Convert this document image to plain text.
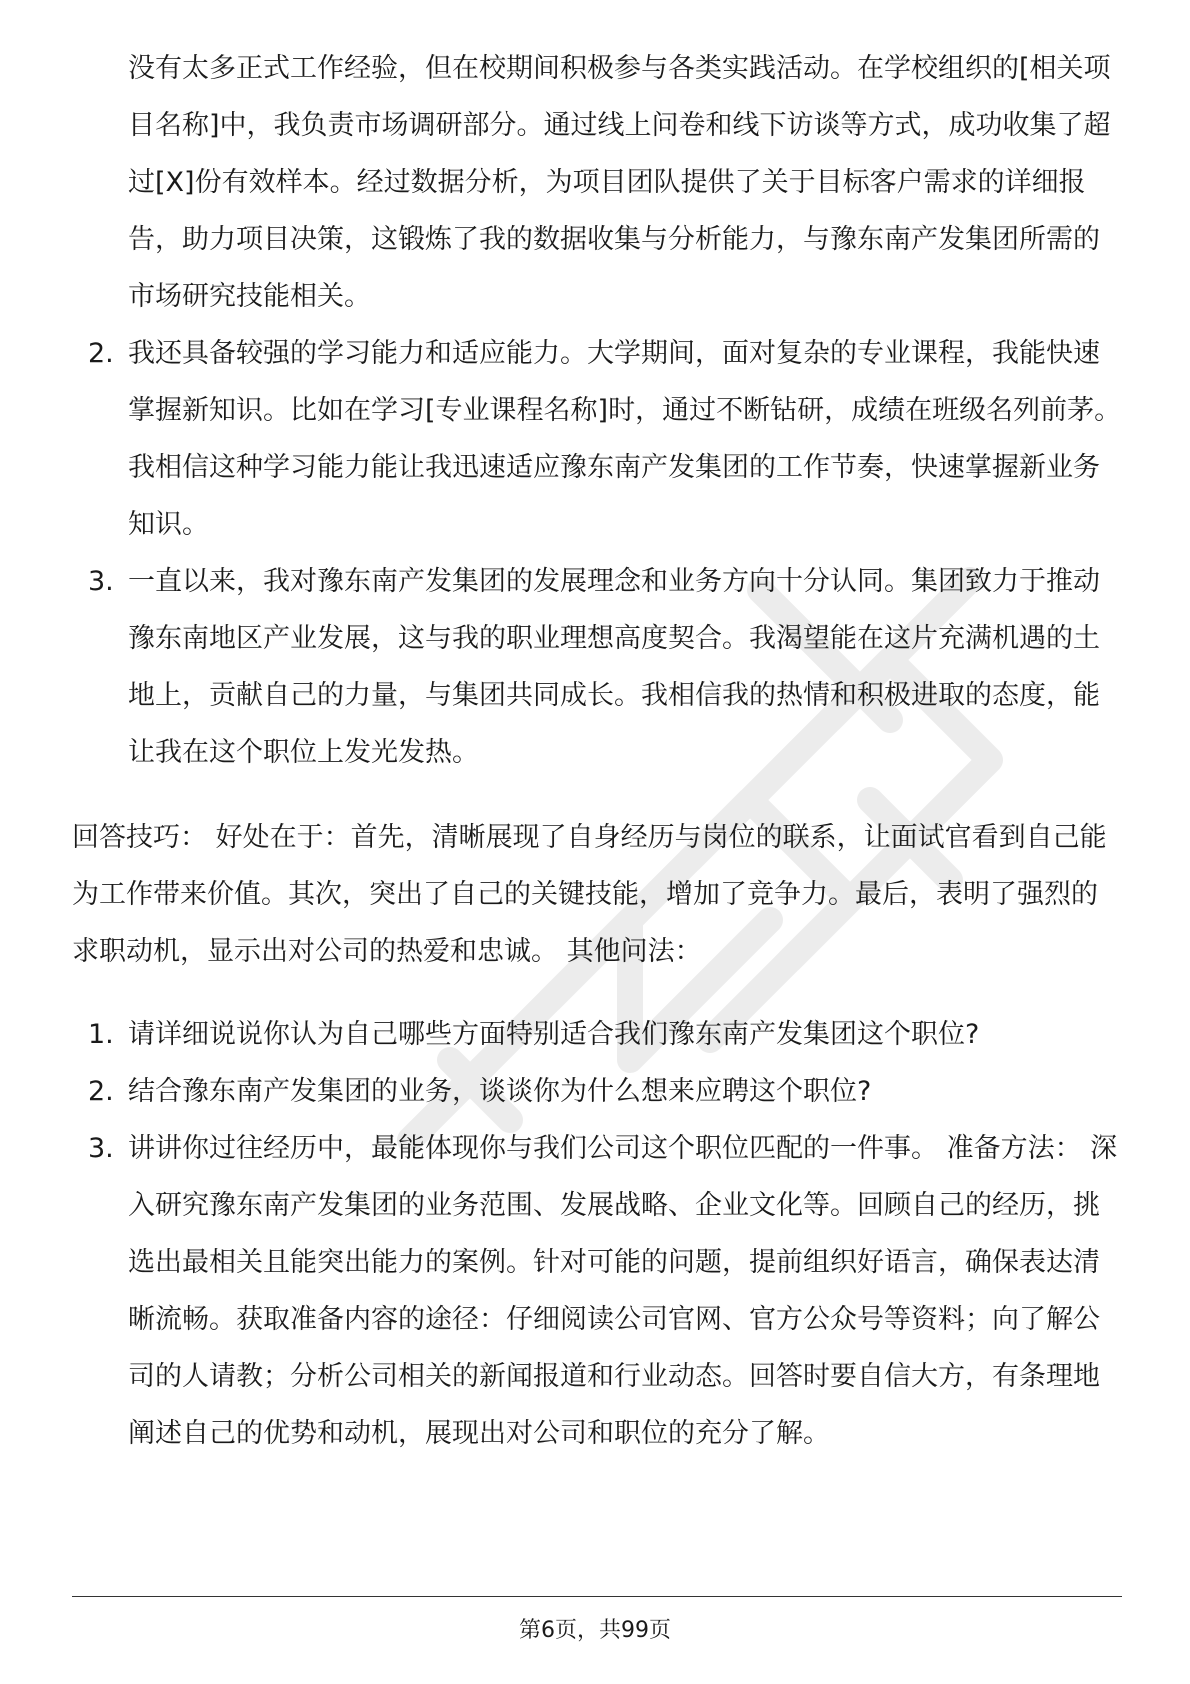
没有太多正式工作经验，但在校期间积极参与各类实践活动。在学校组织的[相关项目名称]中，我负责市场调研部分。通过线上问卷和线下访谈等方式，成功收集了超过[X]份有效样本。经过数据分析，为项目团队提供了关于目标客户需求的详细报告，助力项目决策，这锻炼了我的数据收集与分析能力，与豫东南产发集团所需的市场研究技能相关。

2. 我还具备较强的学习能力和适应能力。大学期间，面对复杂的专业课程，我能快速掌握新知识。比如在学习[专业课程名称]时，通过不断钻研，成绩在班级名列前茅。我相信这种学习能力能让我迅速适应豫东南产发集团的工作节奏，快速掌握新业务知识。

3. 一直以来，我对豫东南产发集团的发展理念和业务方向十分认同。集团致力于推动豫东南地区产业发展，这与我的职业理想高度契合。我渴望能在这片充满机遇的土地上，贡献自己的力量，与集团共同成长。我相信我的热情和积极进取的态度，能让我在这个职位上发光发热。

回答技巧： 好处在于：首先，清晰展现了自身经历与岗位的联系，让面试官看到自己能为工作带来价值。其次，突出了自己的关键技能，增加了竞争力。最后，表明了强烈的求职动机，显示出对公司的热爱和忠诚。 其他问法：

1. 请详细说说你认为自己哪些方面特别适合我们豫东南产发集团这个职位?

2. 结合豫东南产发集团的业务，谈谈你为什么想来应聘这个职位?

3. 讲讲你过往经历中，最能体现你与我们公司这个职位匹配的一件事。 准备方法： 深入研究豫东南产发集团的业务范围、发展战略、企业文化等。回顾自己的经历，挑选出最相关且能突出能力的案例。针对可能的问题，提前组织好语言，确保表达清晰流畅。获取准备内容的途径：仔细阅读公司官网、官方公众号等资料；向了解公司的人请教；分析公司相关的新闻报道和行业动态。回答时要自信大方，有条理地阐述自己的优势和动机，展现出对公司和职位的充分了解。

第6页，共99页
